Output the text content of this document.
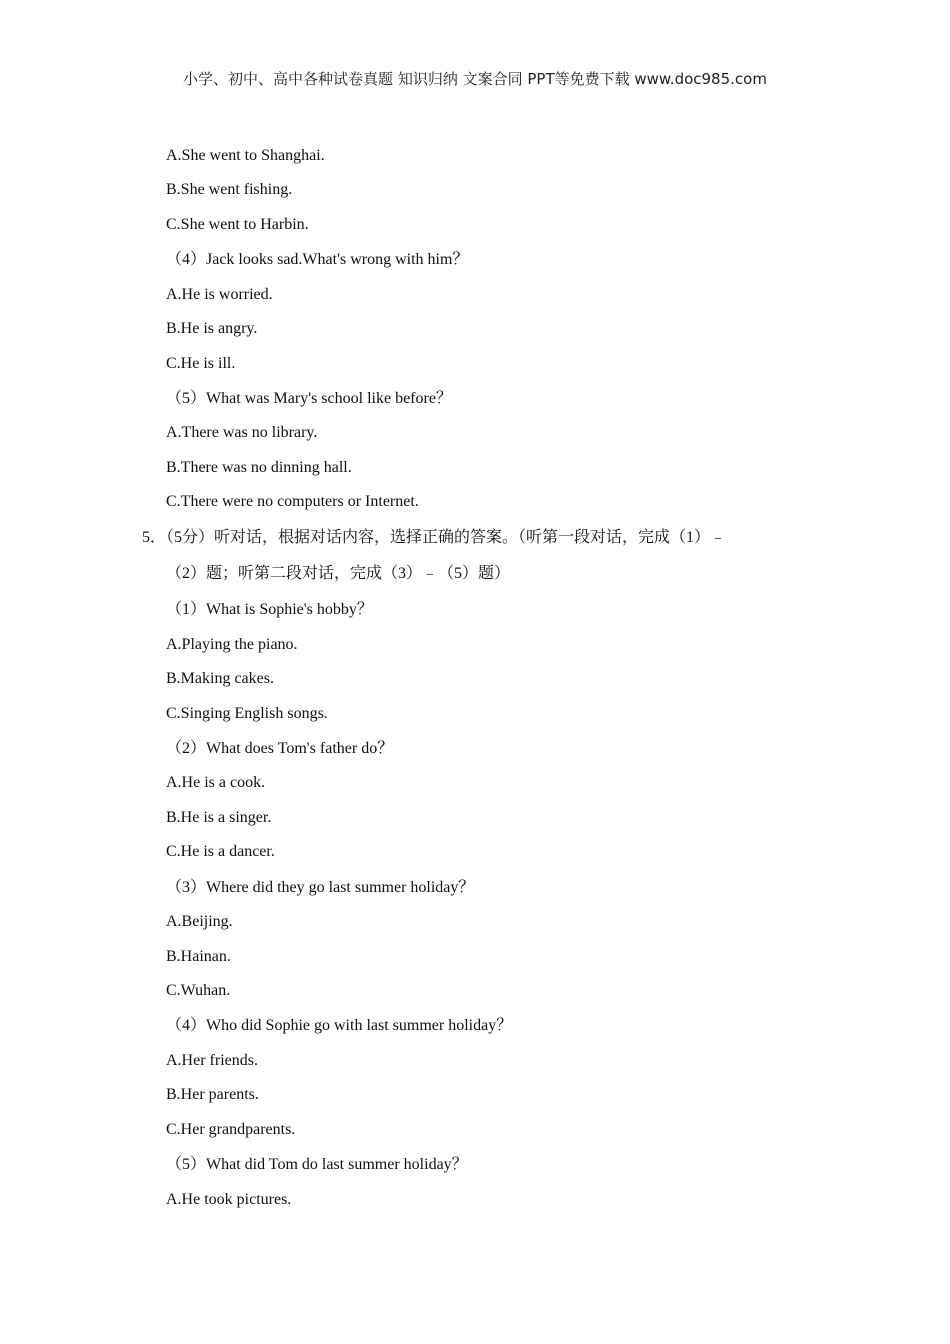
小学、初中、高中各种试卷真题 知识归纳 文案合同 PPT等免费下载 www.doc985.com
A.She went to Shanghai.
B.She went fishing.
C.She went to Harbin.
（4）Jack looks sad.What's wrong with him？
A.He is worried.
B.He is angry.
C.He is ill.
（5）What was Mary's school like before？
A.There was no library.
B.There was no dinning hall.
C.There were no computers or Internet.
5．（5分）听对话，根据对话内容，选择正确的答案。（听第一段对话，完成（1）﹣
（2）题；听第二段对话，完成（3）﹣（5）题）
（1）What is Sophie's hobby？
A.Playing the piano.
B.Making cakes.
C.Singing English songs.
（2）What does Tom's father do？
A.He is a cook.
B.He is a singer.
C.He is a dancer.
（3）Where did they go last summer holiday？
A.Beijing.
B.Hainan.
C.Wuhan.
（4）Who did Sophie go with last summer holiday？
A.Her friends.
B.Her parents.
C.Her grandparents.
（5）What did Tom do last summer holiday？
A.He took pictures.
